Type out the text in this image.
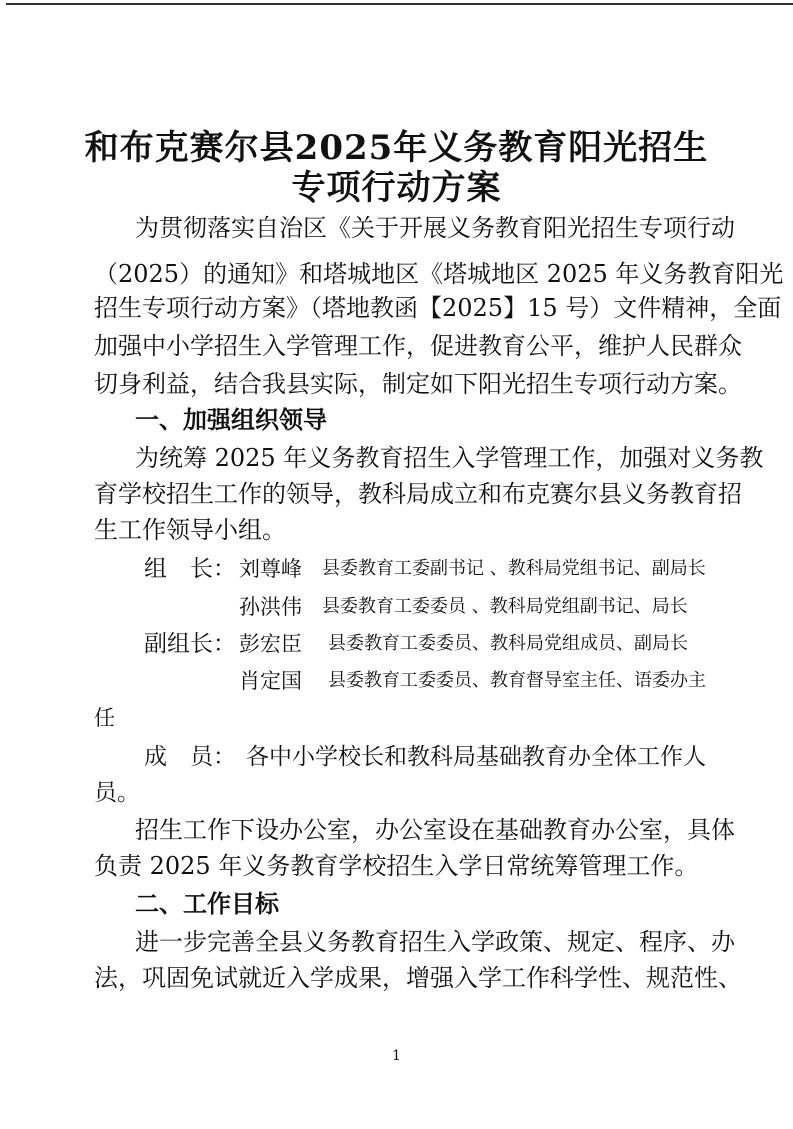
和布克赛尔县2025年义务教育阳光招生
专项行动方案

为贯彻落实自治区《关于开展义务教育阳光招生专项行动

（2025）的通知》和塔城地区《塔城地区 2025 年义务教育阳光

招生专项行动方案》（塔地教函【2025】15 号）文件精神，全面

加强中小学招生入学管理工作，促进教育公平，维护人民群众

切身利益，结合我县实际，制定如下阳光招生专项行动方案。

一、加强组织领导

为统筹 2025 年义务教育招生入学管理工作，加强对义务教

育学校招生工作的领导，教科局成立和布克赛尔县义务教育招

生工作领导小组。

组　长： 刘尊峰 县委教育工委副书记 、教科局党组书记、副局长
孙洪伟 县委教育工委委员 、教科局党组副书记、局长
副组长： 彭宏臣 县委教育工委委员、教科局党组成员、副局长
肖定国 县委教育工委委员、教育督导室主任、语委办主
任
成　员： 各中小学校长和教科局基础教育办全体工作人
员。

招生工作下设办公室，办公室设在基础教育办公室，具体

负责 2025 年义务教育学校招生入学日常统筹管理工作。

二、工作目标

进一步完善全县义务教育招生入学政策、规定、程序、办

法，巩固免试就近入学成果，增强入学工作科学性、规范性、

1
